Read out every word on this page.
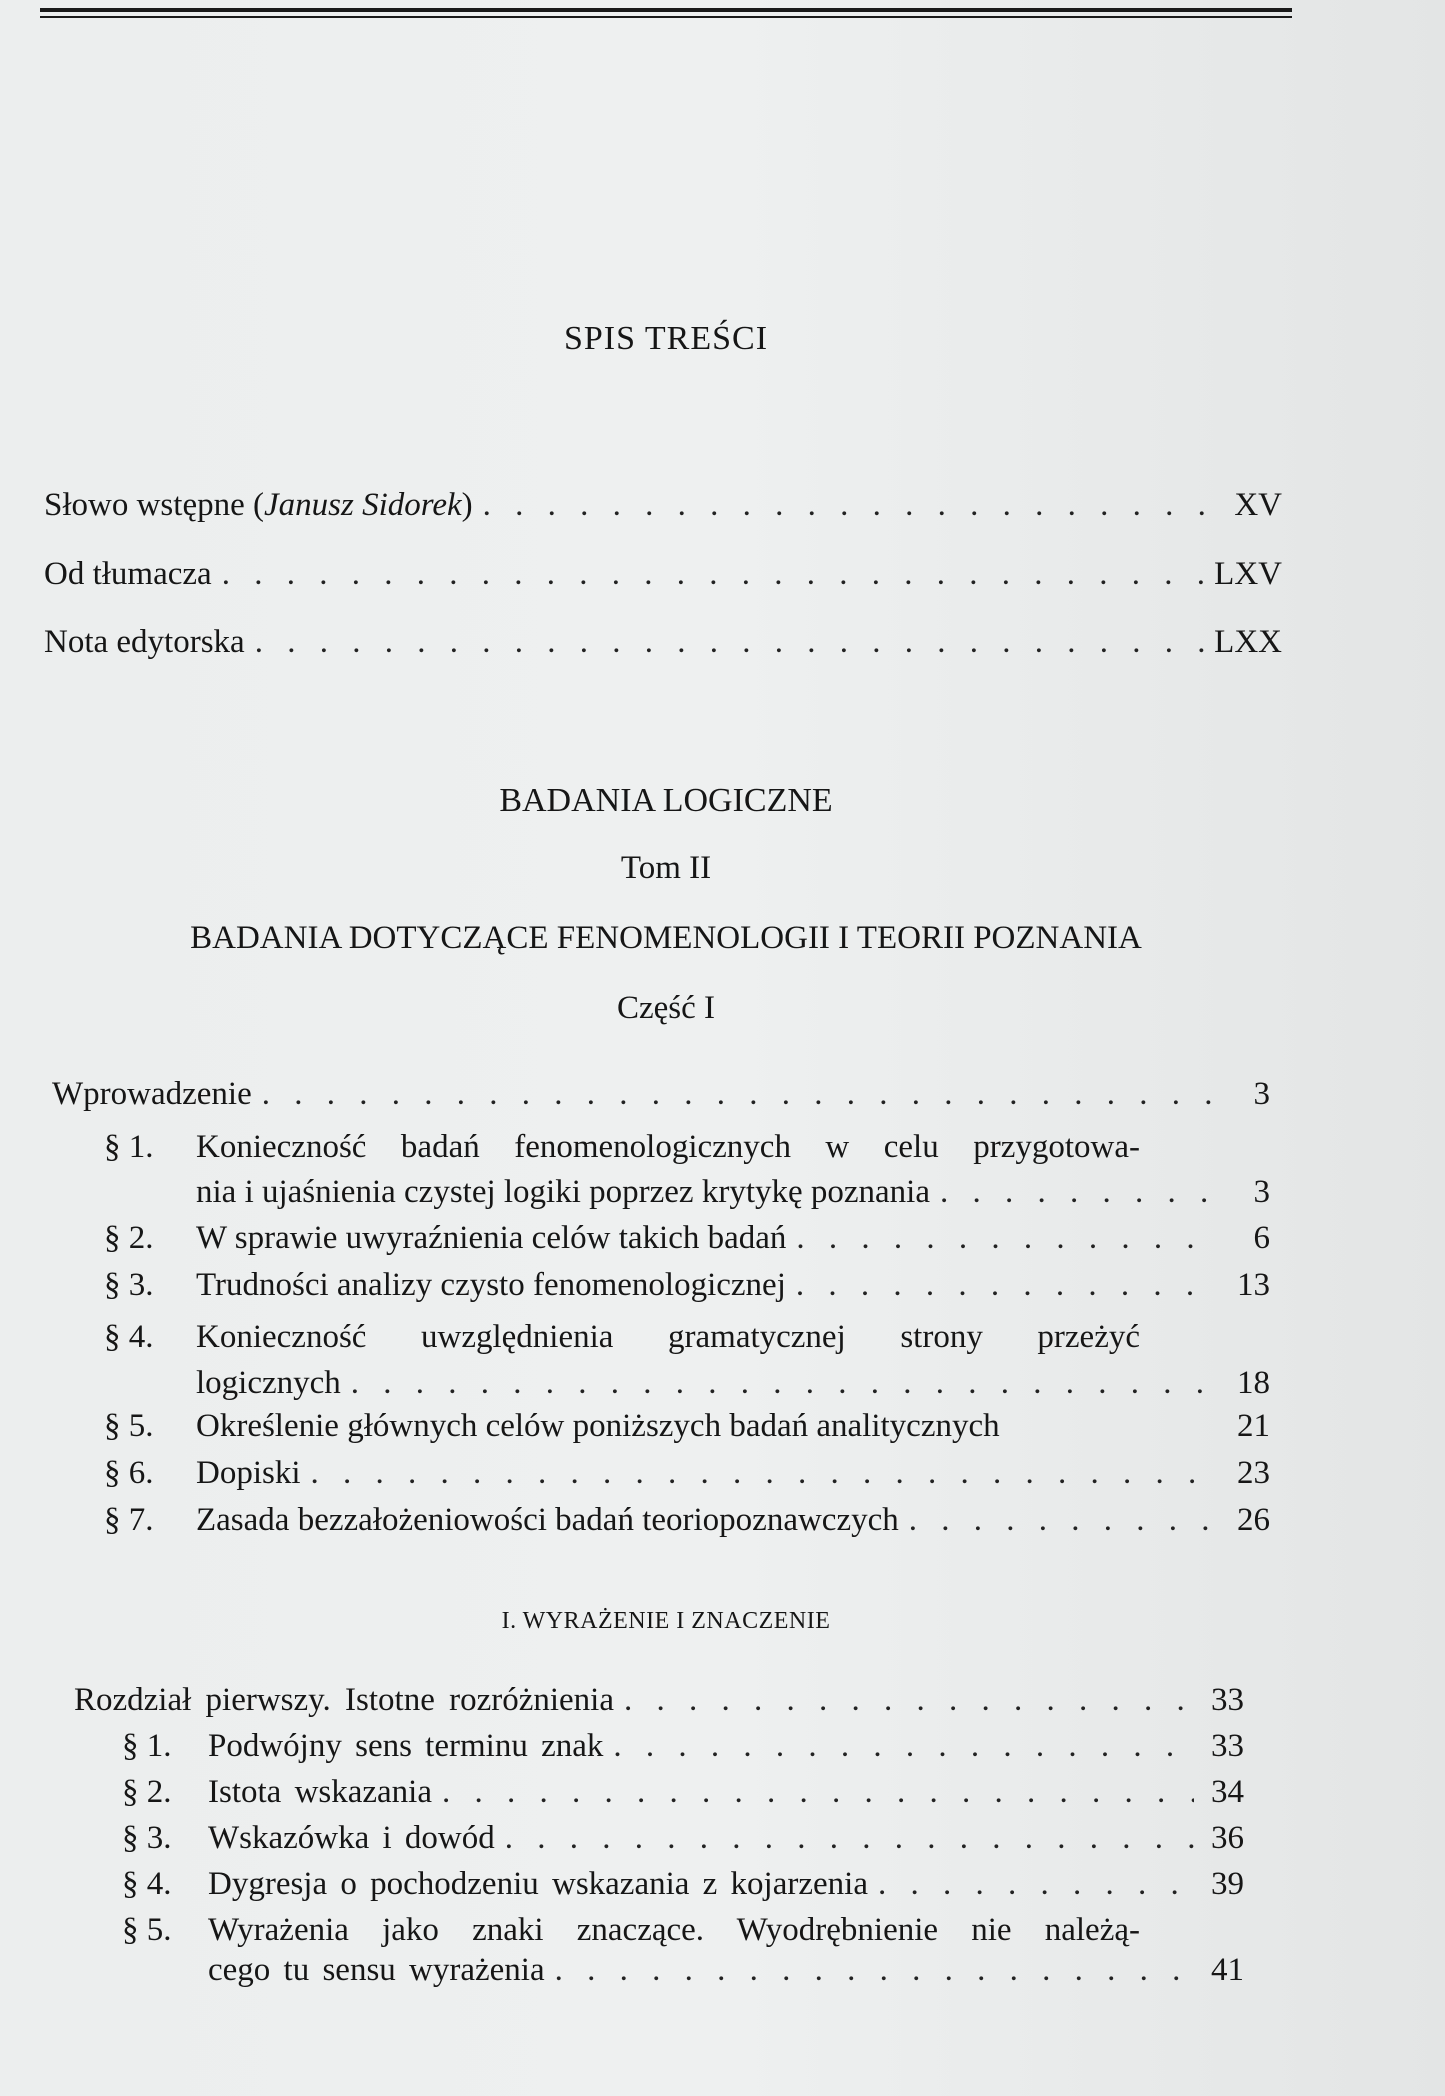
SPIS TREŚCI
Słowo wstępne (Janusz Sidorek) . . .	XV
Od tłumacza . . .	LXV
Nota edytorska . . .	LXX
BADANIA LOGICZNE
Tom II
BADANIA DOTYCZĄCE FENOMENOLOGII I TEORII POZNANIA
Część I
Wprowadzenie . . .	3
§ 1. Konieczność badań fenomenologicznych w celu przygotowa-
nia i ujaśnienia czystej logiki poprzez krytykę poznania . . .	3
§ 2. W sprawie uwyraźnienia celów takich badań . . .	6
§ 3. Trudności analizy czysto fenomenologicznej . . .	13
§ 4. Konieczność uwzględnienia gramatycznej strony przeżyć
logicznych . . .	18
§ 5. Określenie głównych celów poniższych badań analitycznych	21
§ 6. Dopiski . . .	23
§ 7. Zasada bezzałożeniowości badań teoriopoznawczych . . .	26
I. WYRAŻENIE I ZNACZENIE
Rozdział pierwszy. Istotne rozróżnienia . . .	33
§ 1. Podwójny sens terminu znak . . .	33
§ 2. Istota wskazania . . .	34
§ 3. Wskazówka i dowód . . .	36
§ 4. Dygresja o pochodzeniu wskazania z kojarzenia . . .	39
§ 5. Wyrażenia jako znaki znaczące. Wyodrębnienie nie należą-
cego tu sensu wyrażenia . . .	41
